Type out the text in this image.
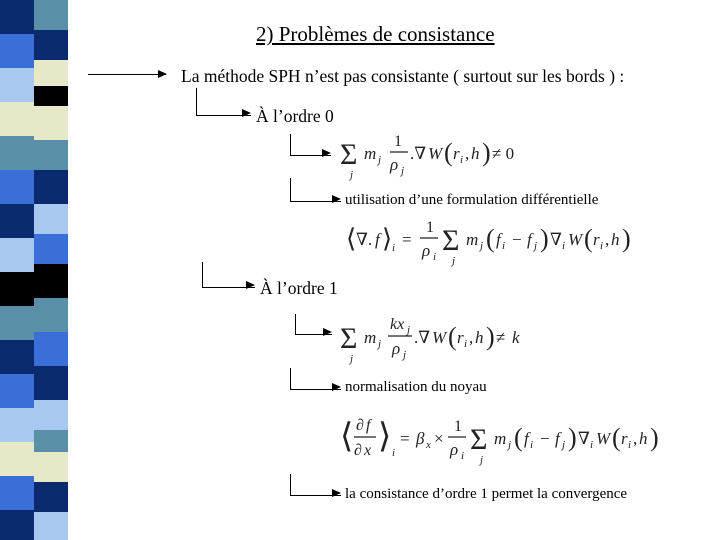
2) Problèmes de consistance
La méthode SPH n’est pas consistante ( surtout sur les bords ) :
À l’ordre 0
Σ
j
m j
1
ρ j
.∇ W ( r i , h ) ≠ 0
utilisation d’une formulation différentielle
⟨ ∇. f ⟩ i =
1
ρ i Σ
j
m j ( f i − f j ) ∇ i W ( r i , h )
À l’ordre 1
Σ
j
m j
kx j
ρ j
.∇ W ( r i , h ) ≠ k
normalisation du noyau
⟨ ∂ f
∂ x ⟩ i
= β x ×
1
ρ i Σ
j
m j ( f i − f j ) ∇ i W ( r i , h )
la consistance d’ordre 1 permet la convergence
